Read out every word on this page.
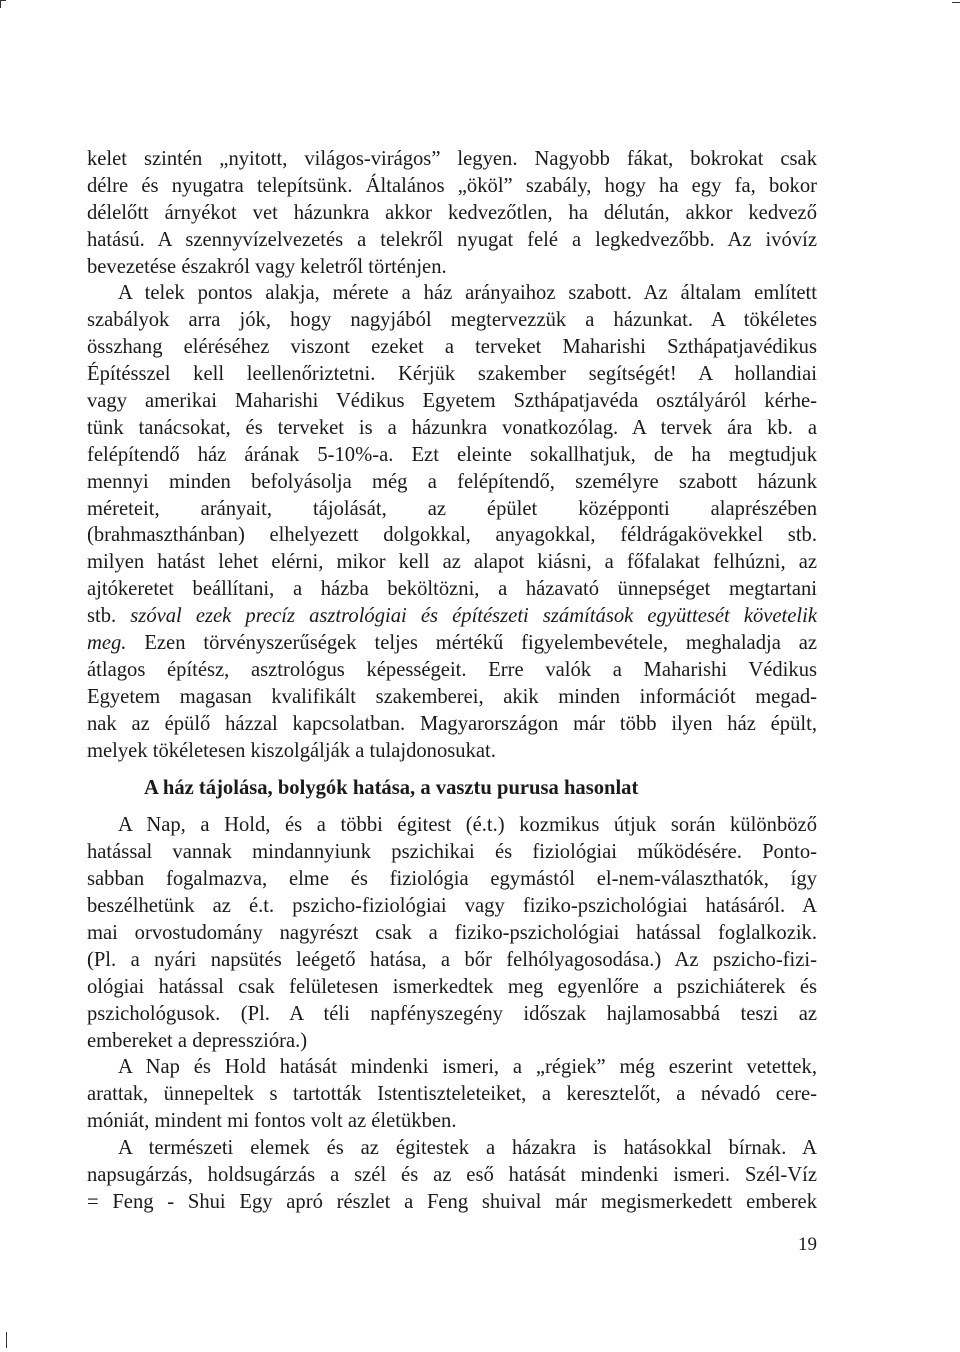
kelet szintén „nyitott, világos-virágos” legyen. Nagyobb fákat, bokrokat csak
délre és nyugatra telepítsünk. Általános „ököl” szabály, hogy ha egy fa, bokor
délelőtt árnyékot vet házunkra akkor kedvezőtlen, ha délután, akkor kedvező
hatású. A szennyvízelvezetés a telekről nyugat felé a legkedvezőbb. Az ivóvíz
bevezetése északról vagy keletről történjen.
A telek pontos alakja, mérete a ház arányaihoz szabott. Az általam említett
szabályok arra jók, hogy nagyjából megtervezzük a házunkat. A tökéletes
összhang eléréséhez viszont ezeket a terveket Maharishi Szthápatjavédikus
Építésszel kell leellenőriztetni. Kérjük szakember segítségét! A hollandiai
vagy amerikai Maharishi Védikus Egyetem Szthápatjavéda osztályáról kérhe-
tünk tanácsokat, és terveket is a házunkra vonatkozólag. A tervek ára kb. a
felépítendő ház árának 5-10%-a. Ezt eleinte sokallhatjuk, de ha megtudjuk
mennyi minden befolyásolja még a felépítendő, személyre szabott házunk
méreteit, arányait, tájolását, az épület középponti alaprészében
(brahmaszthánban) elhelyezett dolgokkal, anyagokkal, féldrágakövekkel stb.
milyen hatást lehet elérni, mikor kell az alapot kiásni, a főfalakat felhúzni, az
ajtókeretet beállítani, a házba beköltözni, a házavató ünnepséget megtartani
stb. szóval ezek precíz asztrológiai és építészeti számítások együttesét követelik
meg. Ezen törvényszerűségek teljes mértékű figyelembevétele, meghaladja az
átlagos építész, asztrológus képességeit. Erre valók a Maharishi Védikus
Egyetem magasan kvalifikált szakemberei, akik minden információt megad-
nak az épülő házzal kapcsolatban. Magyarországon már több ilyen ház épült,
melyek tökéletesen kiszolgálják a tulajdonosukat.
A ház tájolása, bolygók hatása, a vasztu purusa hasonlat
A Nap, a Hold, és a többi égitest (é.t.) kozmikus útjuk során különböző
hatással vannak mindannyiunk pszichikai és fiziológiai működésére. Ponto-
sabban fogalmazva, elme és fiziológia egymástól el-nem-választhatók, így
beszélhetünk az é.t. pszicho-fiziológiai vagy fiziko-pszichológiai hatásáról. A
mai orvostudomány nagyrészt csak a fiziko-pszichológiai hatással foglalkozik.
(Pl. a nyári napsütés leégető hatása, a bőr felhólyagosodása.) Az pszicho-fizi-
ológiai hatással csak felületesen ismerkedtek meg egyenlőre a pszichiáterek és
pszichológusok. (Pl. A téli napfényszegény időszak hajlamosabbá teszi az
embereket a depresszióra.)
A Nap és Hold hatását mindenki ismeri, a „régiek” még eszerint vetettek,
arattak, ünnepeltek s tartották Istentiszteleteiket, a keresztelőt, a névadó cere-
móniát, mindent mi fontos volt az életükben.
A természeti elemek és az égitestek a házakra is hatásokkal bírnak. A
napsugárzás, holdsugárzás a szél és az eső hatását mindenki ismeri. Szél-Víz
= Feng - Shui Egy apró részlet a Feng shuival már megismerkedett emberek
19
